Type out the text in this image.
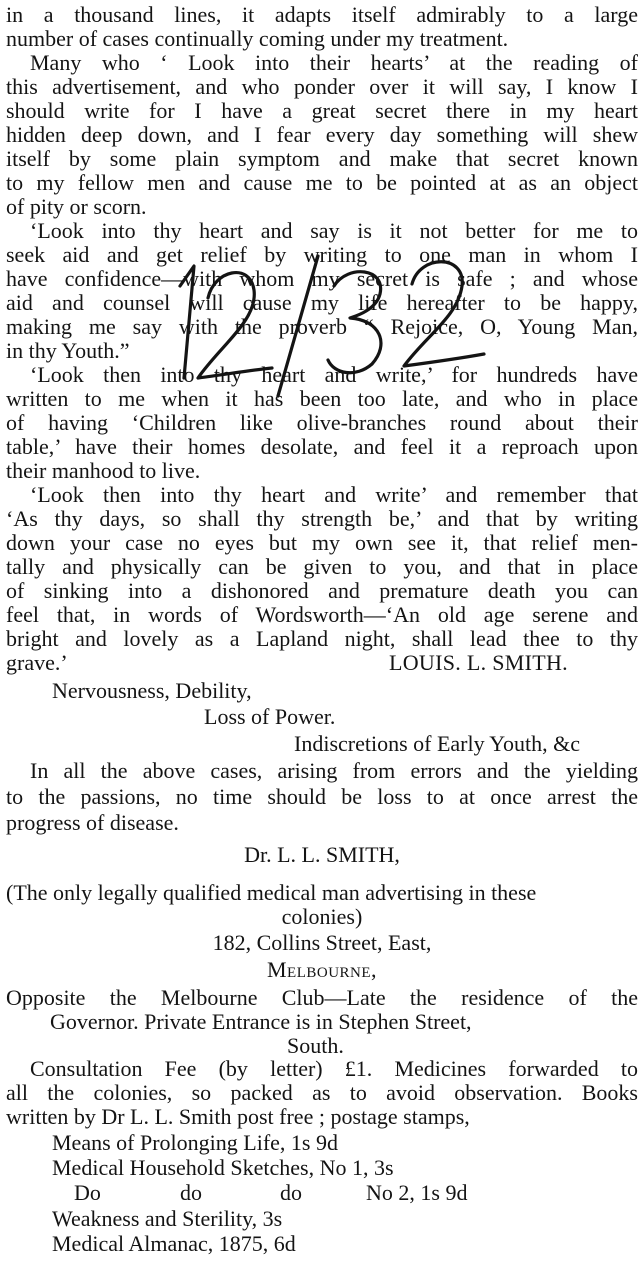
in a thousand lines, it adapts itself admirably to a large
number of cases continually coming under my treatment.
Many who ‘ Look into their hearts’ at the reading of
this advertisement, and who ponder over it will say, I know I
should write for I have a great secret there in my heart
hidden deep down, and I fear every day something will shew
itself by some plain symptom and make that secret known
to my fellow men and cause me to be pointed at as an object
of pity or scorn.
‘Look into thy heart and say is it not better for me to
seek aid and get relief by writing to one man in whom I
have confidence—with whom my secret is safe ; and whose
aid and counsel will cause my life hereafter to be happy,
making me say with the proverb “ Rejoice, O, Young Man,
in thy Youth.”
‘Look then into thy heart and write,’ for hundreds have
written to me when it has been too late, and who in place
of having ‘Children like olive-branches round about their
table,’ have their homes desolate, and feel it a reproach upon
their manhood to live.
‘Look then into thy heart and write’ and remember that
‘As thy days, so shall thy strength be,’ and that by writing
down your case no eyes but my own see it, that relief men-
tally and physically can be given to you, and that in place
of sinking into a dishonored and premature death you can
feel that, in words of Wordsworth—‘An old age serene and
bright and lovely as a Lapland night, shall lead thee to thy
grave.’	LOUIS. L. SMITH.
Nervousness, Debility,
Loss of Power.
Indiscretions of Early Youth, &c
In all the above cases, arising from errors and the yielding
to the passions, no time should be loss to at once arrest the
progress of disease.
Dr. L. L. SMITH,
(The only legally qualified medical man advertising in these
colonies)
182, Collins Street, East,
Melbourne,
Opposite the Melbourne Club—Late the residence of the
Governor. Private Entrance is in Stephen Street,
South.
Consultation Fee (by letter) £1. Medicines forwarded to
all the colonies, so packed as to avoid observation. Books
written by Dr L. L. Smith post free ; postage stamps,
Means of Prolonging Life, 1s 9d
Medical Household Sketches, No 1, 3s
Do	do	do	No 2, 1s 9d
Weakness and Sterility, 3s
Medical Almanac, 1875, 6d
